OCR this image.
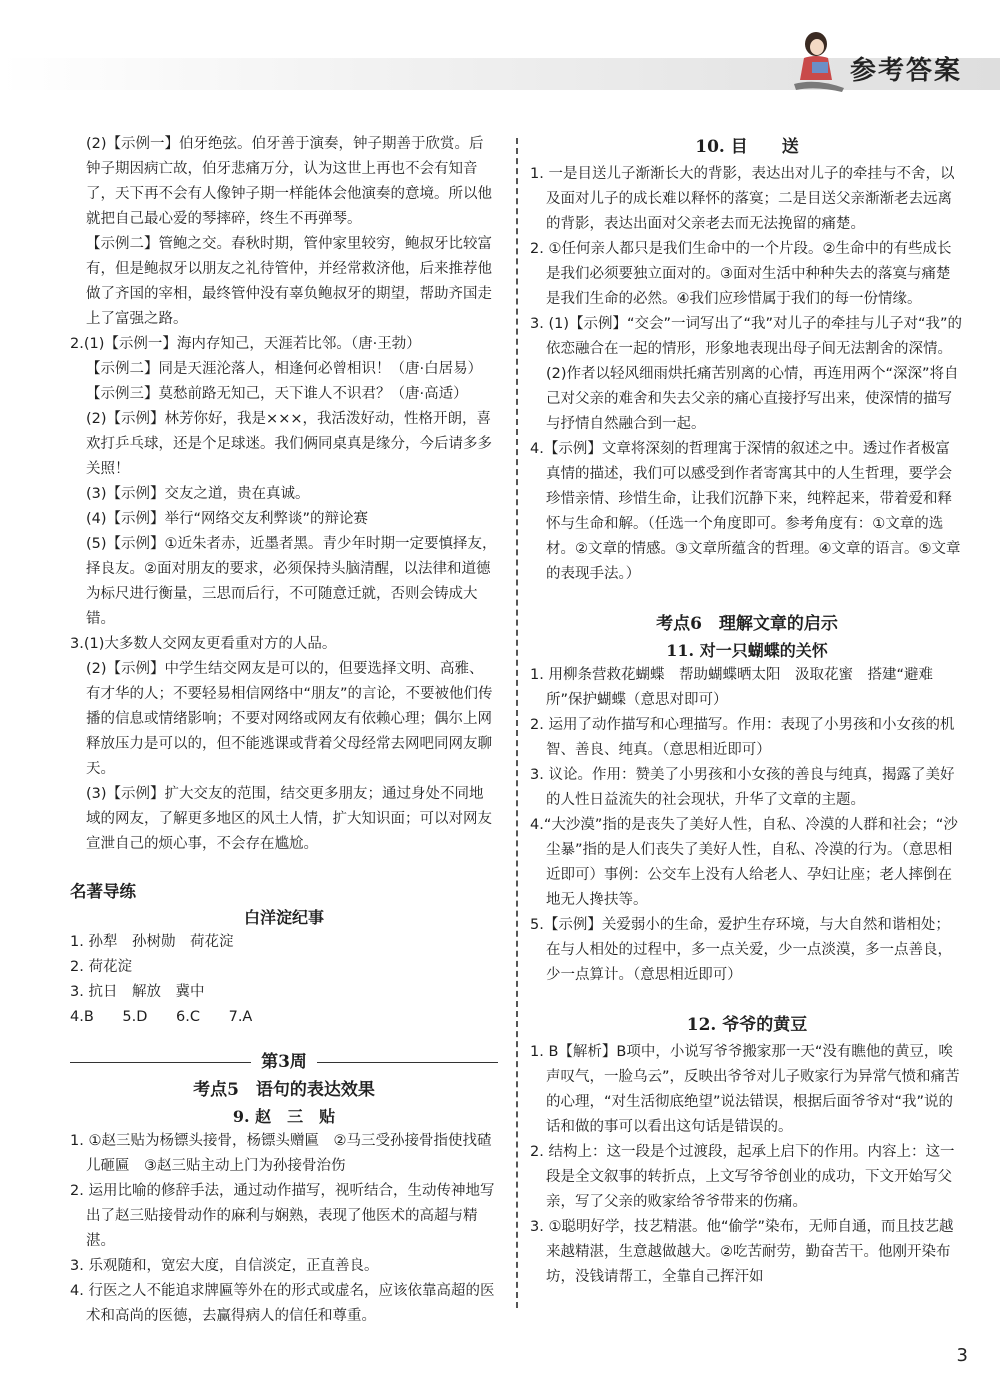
参考答案

(2)【示例一】伯牙绝弦。伯牙善于演奏，钟子期善于欣赏。后钟子期因病亡故，伯牙悲痛万分，认为这世上再也不会有知音了，天下再不会有人像钟子期一样能体会他演奏的意境。所以他就把自己最心爱的琴摔碎，终生不再弹琴。

【示例二】管鲍之交。春秋时期，管仲家里较穷，鲍叔牙比较富有，但是鲍叔牙以朋友之礼待管仲，并经常救济他，后来推荐他做了齐国的宰相，最终管仲没有辜负鲍叔牙的期望，帮助齐国走上了富强之路。

2.(1)【示例一】海内存知己，天涯若比邻。（唐·王勃）

【示例二】同是天涯沦落人，相逢何必曾相识！（唐·白居易）

【示例三】莫愁前路无知己，天下谁人不识君？（唐·高适）

(2)【示例】林芳你好，我是×××，我活泼好动，性格开朗，喜欢打乒乓球，还是个足球迷。我们俩同桌真是缘分，今后请多多关照！

(3)【示例】交友之道，贵在真诚。

(4)【示例】举行“网络交友利弊谈”的辩论赛

(5)【示例】①近朱者赤，近墨者黑。青少年时期一定要慎择友，择良友。②面对朋友的要求，必须保持头脑清醒，以法律和道德为标尺进行衡量，三思而后行，不可随意迁就，否则会铸成大错。

3.(1)大多数人交网友更看重对方的人品。

(2)【示例】中学生结交网友是可以的，但要选择文明、高雅、有才华的人；不要轻易相信网络中“朋友”的言论，不要被他们传播的信息或情绪影响；不要对网络或网友有依赖心理；偶尔上网释放压力是可以的，但不能逃课或背着父母经常去网吧同网友聊天。

(3)【示例】扩大交友的范围，结交更多朋友；通过身处不同地域的网友，了解更多地区的风土人情，扩大知识面；可以对网友宣泄自己的烦心事，不会存在尴尬。

名著导练
白洋淀纪事

1. 孙犁　孙树勋　荷花淀

2. 荷花淀

3. 抗日　解放　冀中

4.B 5.D 6.C 7.A

第3周
考点5　语句的表达效果
9. 赵　三　贴

1. ①赵三贴为杨镖头接骨，杨镖头赠匾　②马三受孙接骨指使找碴儿砸匾　③赵三贴主动上门为孙接骨治伤

2. 运用比喻的修辞手法，通过动作描写，视听结合，生动传神地写出了赵三贴接骨动作的麻利与娴熟，表现了他医术的高超与精湛。

3. 乐观随和，宽宏大度，自信淡定，正直善良。

4. 行医之人不能追求牌匾等外在的形式或虚名，应该依靠高超的医术和高尚的医德，去赢得病人的信任和尊重。

10. 目　　送

1. 一是目送儿子渐渐长大的背影，表达出对儿子的牵挂与不舍，以及面对儿子的成长难以释怀的落寞；二是目送父亲渐渐老去远离的背影，表达出面对父亲老去而无法挽留的痛楚。

2. ①任何亲人都只是我们生命中的一个片段。②生命中的有些成长是我们必须要独立面对的。③面对生活中种种失去的落寞与痛楚是我们生命的必然。④我们应珍惜属于我们的每一份情缘。

3. (1)【示例】“交会”一词写出了“我”对儿子的牵挂与儿子对“我”的依恋融合在一起的情形，形象地表现出母子间无法割舍的深情。

(2)作者以轻风细雨烘托痛苦别离的心情，再连用两个“深深”将自己对父亲的难舍和失去父亲的痛心直接抒写出来，使深情的描写与抒情自然融合到一起。

4.【示例】文章将深刻的哲理寓于深情的叙述之中。透过作者极富真情的描述，我们可以感受到作者寄寓其中的人生哲理，要学会珍惜亲情、珍惜生命，让我们沉静下来，纯粹起来，带着爱和释怀与生命和解。（任选一个角度即可。参考角度有：①文章的选材。②文章的情感。③文章所蕴含的哲理。④文章的语言。⑤文章的表现手法。）

考点6　理解文章的启示
11. 对一只蝴蝶的关怀

1. 用柳条营救花蝴蝶　帮助蝴蝶晒太阳　汲取花蜜　搭建“避难所”保护蝴蝶（意思对即可）

2. 运用了动作描写和心理描写。作用：表现了小男孩和小女孩的机智、善良、纯真。（意思相近即可）

3. 议论。作用：赞美了小男孩和小女孩的善良与纯真，揭露了美好的人性日益流失的社会现状，升华了文章的主题。

4.“大沙漠”指的是丧失了美好人性，自私、冷漠的人群和社会；“沙尘暴”指的是人们丧失了美好人性，自私、冷漠的行为。（意思相近即可）事例：公交车上没有人给老人、孕妇让座；老人摔倒在地无人搀扶等。

5.【示例】关爱弱小的生命，爱护生存环境，与大自然和谐相处；在与人相处的过程中，多一点关爱，少一点淡漠，多一点善良，少一点算计。（意思相近即可）

12. 爷爷的黄豆

1. B【解析】B项中，小说写爷爷搬家那一天“没有瞧他的黄豆，唉声叹气，一脸乌云”，反映出爷爷对儿子败家行为异常气愤和痛苦的心理，“对生活彻底绝望”说法错误，根据后面爷爷对“我”说的话和做的事可以看出这句话是错误的。

2. 结构上：这一段是个过渡段，起承上启下的作用。内容上：这一段是全文叙事的转折点，上文写爷爷创业的成功，下文开始写父亲，写了父亲的败家给爷爷带来的伤痛。

3. ①聪明好学，技艺精湛。他“偷学”染布，无师自通，而且技艺越来越精湛，生意越做越大。②吃苦耐劳，勤奋苦干。他刚开染布坊，没钱请帮工，全靠自己挥汗如

3
